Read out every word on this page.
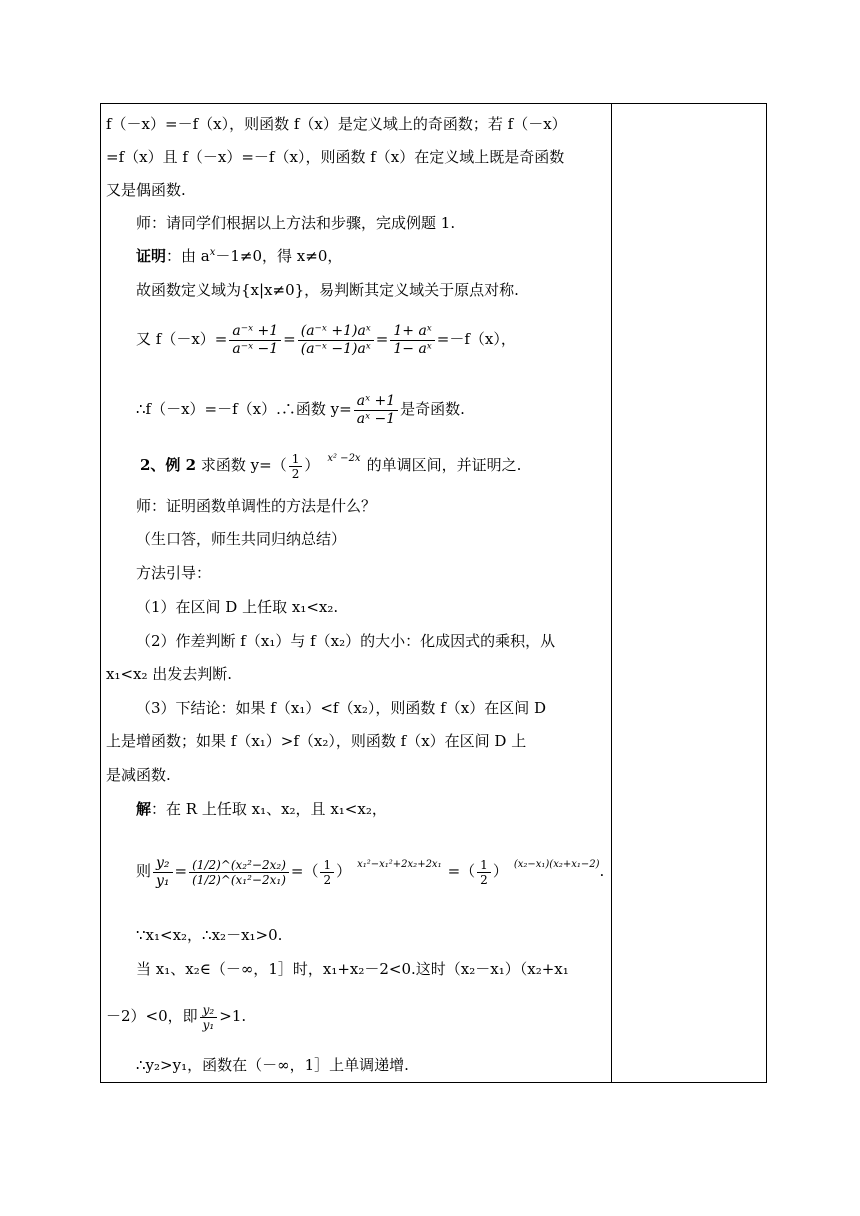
f（－x）=－f（x），则函数 f（x）是定义域上的奇函数；若 f（－x）
=f（x）且 f（－x）=－f（x），则函数 f（x）在定义域上既是奇函数
又是偶函数.
师：请同学们根据以上方法和步骤，完成例题 1.
证明：由 $a^x-1\ne 0$，得 x≠0，
故函数定义域为{x|x≠0}，易判断其定义域关于原点对称.
又 $f(-x)= \frac{\text{a⁻ˣ +1}}{\text{a⁻ˣ −1}} = \frac{\text{(a⁻ˣ +1)aˣ}}{\text{(a⁻ˣ −1)aˣ}} = \frac{\text{1+ aˣ}}{\text{1− aˣ}} =-f(x)$，
∴f（－x）=－f（x）.∴函数 $y= \frac{\text{aˣ +1}}{\text{aˣ −1}}$ 是奇函数.
2、例 2 求函数 $y=( \frac{1}{2}$ ） $^{x^2 -2x}$ 的单调区间，并证明之.
师：证明函数单调性的方法是什么？
（生口答，师生共同归纳总结）
方法引导：
（1）在区间 D 上任取 x₁<x₂.
（2）作差判断 f（x₁）与 f（x₂）的大小：化成因式的乘积，从
x₁<x₂ 出发去判断.
（3）下结论：如果 f（x₁）<f（x₂），则函数 f（x）在区间 D
上是增函数；如果 f（x₁）>f（x₂），则函数 f（x）在区间 D 上
是减函数.
解：在 R 上任取 x₁、x₂，且 x₁<x₂，
则 $\frac{\text{y₂}}{\text{y₁}} = \frac{\text{(1/2)\textasciicircum{}(x₂²−2x₂)}}{\text{(1/2)\textasciicircum{}(x₁²−2x₁)}}$ =（ $\frac{1}{2}$ ） $^{x_1^2-x_1^2+2x_2+2x_1}$ =（ $\frac{1}{2}$ ） $^{(x_2-x_1)(x_2+x_1-2)}$.
∵x₁<x₂，∴x₂－x₁>0.
当 x₁、x₂∈（－∞，1］时，x₁+x₂－2<0.这时（x₂－x₁）（x₂+x₁
－2）<0，即 $\frac{\text{y₂}}{\text{y₁}} >1$.
∴y₂>y₁，函数在（－∞，1］上单调递增.
